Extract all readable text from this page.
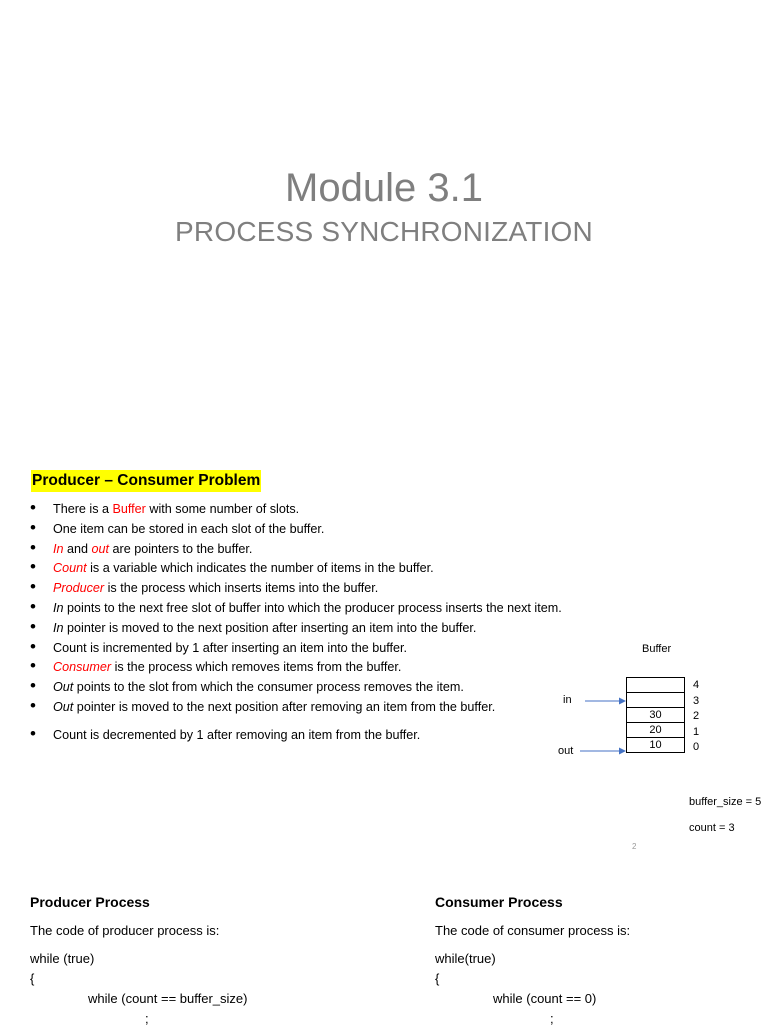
Module 3.1
PROCESS SYNCHRONIZATION
Producer – Consumer Problem
• There is a Buffer with some number of slots.
• One item can be stored in each slot of the buffer.
• In and out are pointers to the buffer.
• Count is a variable which indicates the number of items in the buffer.
• Producer is the process which inserts items into the buffer.
• In points to the next free slot of buffer into which the producer process inserts the next item.
• In pointer is moved to the next position after inserting an item into the buffer.
• Count is incremented by 1 after inserting an item into the buffer.
• Consumer is the process which removes items from the buffer.
• Out points to the slot from which the consumer process removes the item.
• Out pointer is moved to the next position after removing an item from the buffer.
• Count is decremented by 1 after removing an item from the buffer.
Buffer

30
20
10
4
3
2
1
0
in
out
buffer_size = 5
count = 3
2
Producer Process
The code of producer process is:
while (true)
{
while (count == buffer_size)
;
Consumer Process
The code of consumer process is:
while(true)
{
while (count == 0)
;
